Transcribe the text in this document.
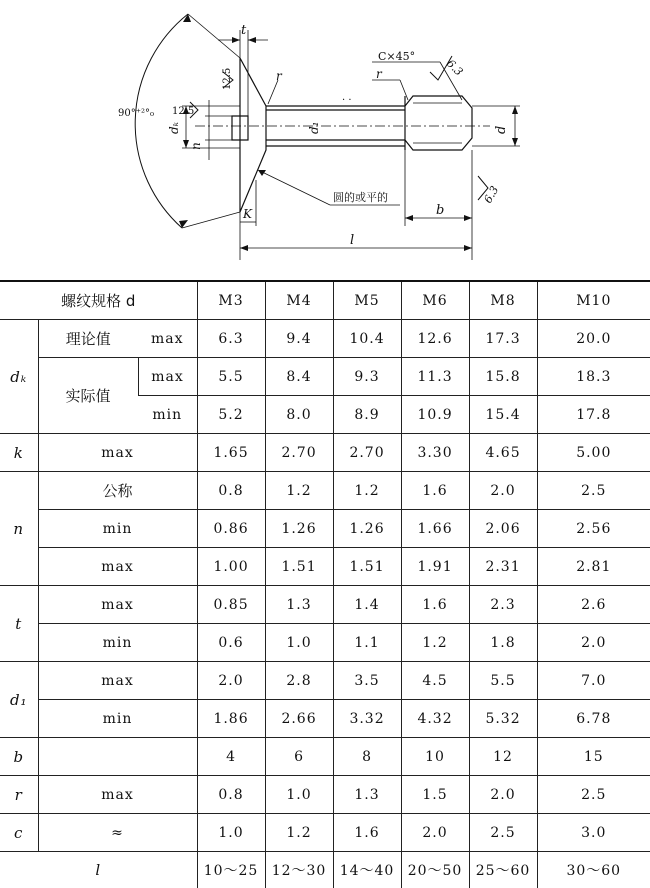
90°⁺²°₀
t
12.5
12.5
r	r
C×45°
6.3
6.3
dₖ
n
d₁	d
K	b
l
圆的或平的
· ·
螺纹规格 d			M3	M4	M5	M6	M8	M10
dₖ	理论值	max	6.3	9.4	10.4	12.6	17.3	20.0
	实际值	max	5.5	8.4	9.3	11.3	15.8	18.3
		min	5.2	8.0	8.9	10.9	15.4	17.8
k	max		1.65	2.70	2.70	3.30	4.65	5.00
n	公称		0.8	1.2	1.2	1.6	2.0	2.5
	min		0.86	1.26	1.26	1.66	2.06	2.56
	max		1.00	1.51	1.51	1.91	2.31	2.81
t	max		0.85	1.3	1.4	1.6	2.3	2.6
	min		0.6	1.0	1.1	1.2	1.8	2.0
d₁	max		2.0	2.8	3.5	4.5	5.5	7.0
	min		1.86	2.66	3.32	4.32	5.32	6.78
b			4	6	8	10	12	15
r	max		0.8	1.0	1.3	1.5	2.0	2.5
c	≈		1.0	1.2	1.6	2.0	2.5	3.0
l			10～25	12～30	14～40	20～50	25～60	30～60
